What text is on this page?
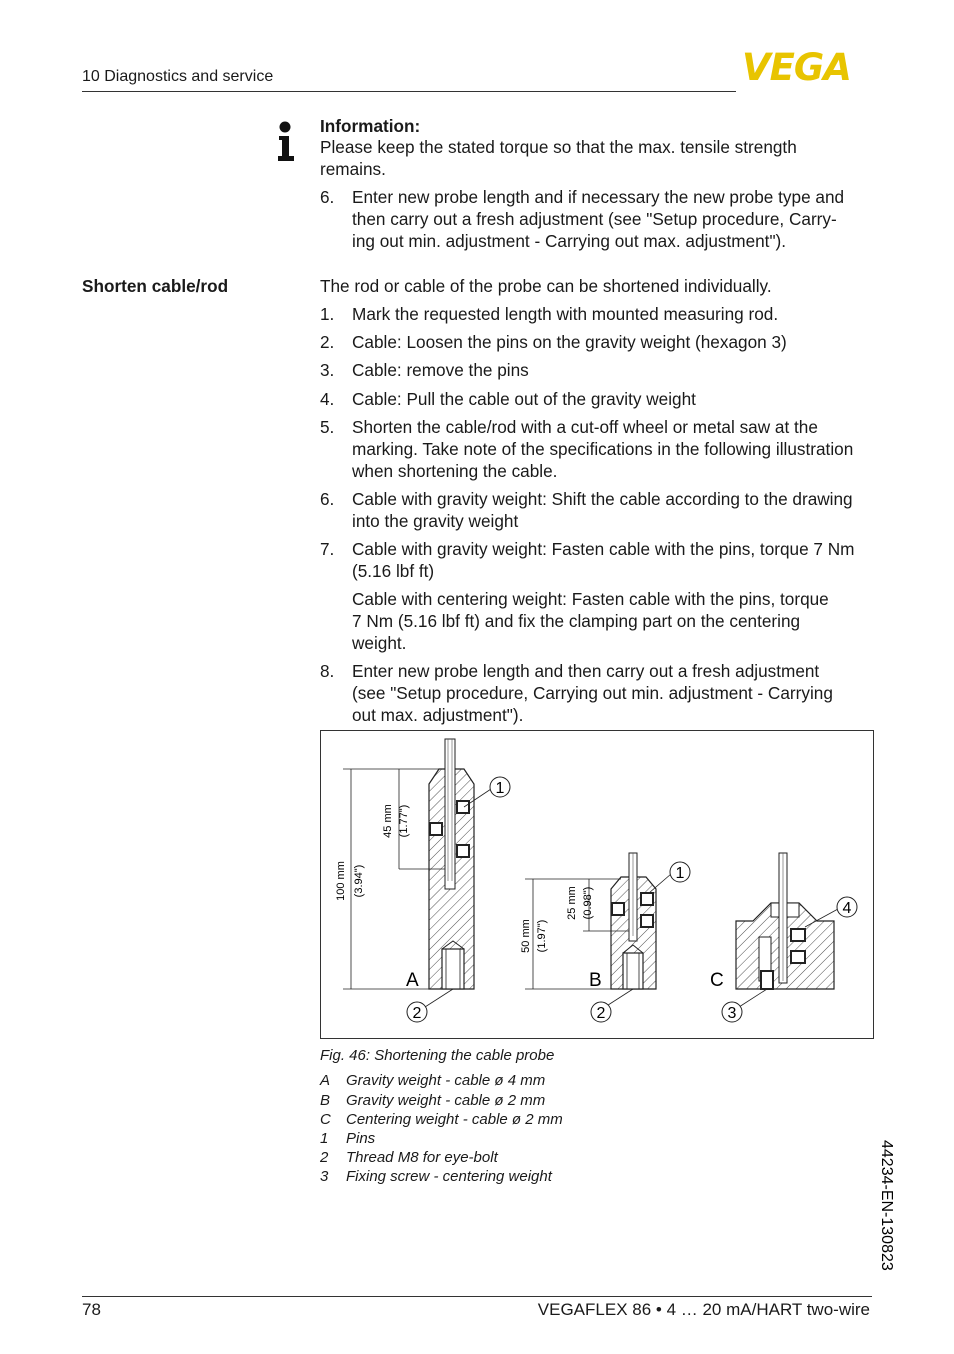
10 Diagnostics and service	VEGA
Information:
Please keep the stated torque so that the max. tensile strength
remains.
6. Enter new probe length and if necessary the new probe type and
then carry out a fresh adjustment (see "Setup procedure, Carry-
ing out min. adjustment - Carrying out max. adjustment").
Shorten cable/rod	The rod or cable of the probe can be shortened individually.
1. Mark the requested length with mounted measuring rod.
2. Cable: Loosen the pins on the gravity weight (hexagon 3)
3. Cable: remove the pins
4. Cable: Pull the cable out of the gravity weight
5. Shorten the cable/rod with a cut-off wheel or metal saw at the
marking. Take note of the specifications in the following illustration
when shortening the cable.
6. Cable with gravity weight: Shift the cable according to the drawing
into the gravity weight
7. Cable with gravity weight: Fasten cable with the pins, torque 7 Nm
(5.16 lbf ft)
Cable with centering weight: Fasten cable with the pins, torque
7 Nm (5.16 lbf ft) and fix the clamping part on the centering
weight.
8. Enter new probe length and then carry out a fresh adjustment
(see "Setup procedure, Carrying out min. adjustment - Carrying
out max. adjustment").
100 mm (3.94")
45 mm (1.77")
50 mm (1.97")
25 mm (0.98")
1
1
4
2	2	3
A	B	C
Fig. 46: Shortening the cable probe
A Gravity weight - cable ø 4 mm
B Gravity weight - cable ø 2 mm
C Centering weight - cable ø 2 mm
1 Pins
2 Thread M8 for eye-bolt
3 Fixing screw - centering weight	44234-EN-130823
78	VEGAFLEX 86 • 4 … 20 mA/HART two-wire
